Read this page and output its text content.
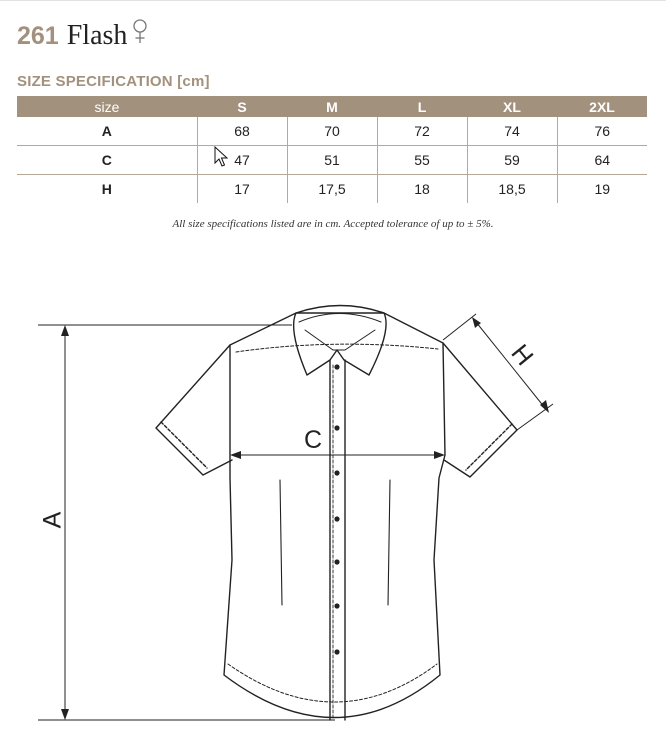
261 Flash
SIZE SPECIFICATION [cm]
size	S	M	L	XL	2XL
A	68	70	72	74	76
C	47	51	55	59	64
H	17	17,5	18	18,5	19
All size specifications listed are in cm. Accepted tolerance of up to ± 5%.
A
C
H
